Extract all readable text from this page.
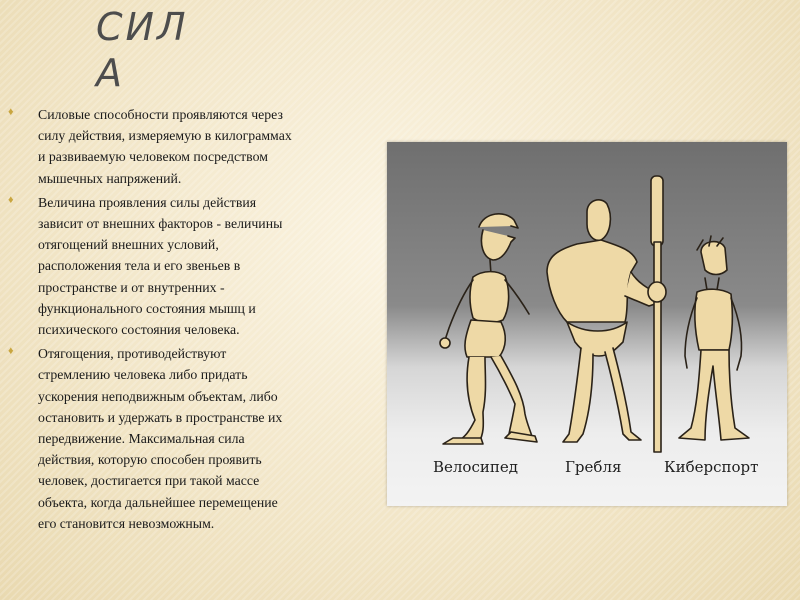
СИЛ
А
♦ Силовые способности проявляются через
силу действия, измеряемую в килограммах
и развиваемую человеком посредством
мышечных напряжений.
♦ Величина проявления силы действия
зависит от внешних факторов - величины
отягощений внешних условий,
расположения тела и его звеньев в
пространстве и от внутренних -
функционального состояния мышц и
психического состояния человека.
♦ Отягощения, противодействуют
стремлению человека либо придать
ускорения неподвижным объектам, либо
остановить и удержать в пространстве их
передвижение. Максимальная сила
действия, которую способен проявить
человек, достигается при такой массе
объекта, когда дальнейшее перемещение
его становится невозможным.
Велосипед	Гребля	Киберспорт
